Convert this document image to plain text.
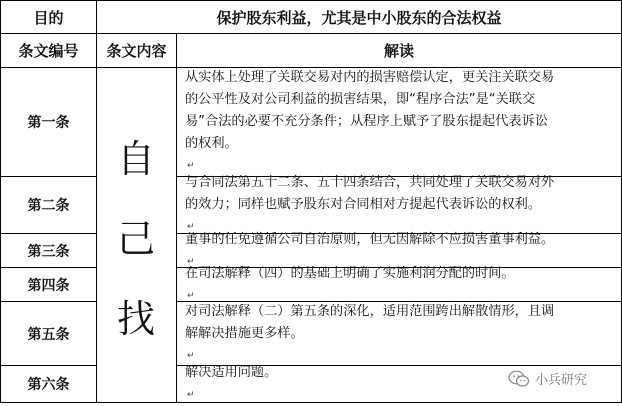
目的	保护股东利益，尤其是中小股东的合法权益
条文编号 条文内容	解读
自
己
找
第一条
从实体上处理了关联交易对内的损害赔偿认定，更关注关联交易
的公平性及对公司利益的损害结果，即“程序合法”是“关联交
易”合法的必要不充分条件；从程序上赋予了股东提起代表诉讼
的权利。
↵
第二条
与合同法第五十二条、五十四条结合，共同处理了关联交易对外
的效力；同样也赋予股东对合同相对方提起代表诉讼的权利。
↵
第三条
董事的任免遵循公司自治原则，但无因解除不应损害董事利益。
↵
第四条
在司法解释（四）的基础上明确了实施利润分配的时间。
↵
第五条
对司法解释（二）第五条的深化，适用范围跨出解散情形，且调
解解决措施更多样。
↵
第六条
解决适用问题。
↵
小兵研究
